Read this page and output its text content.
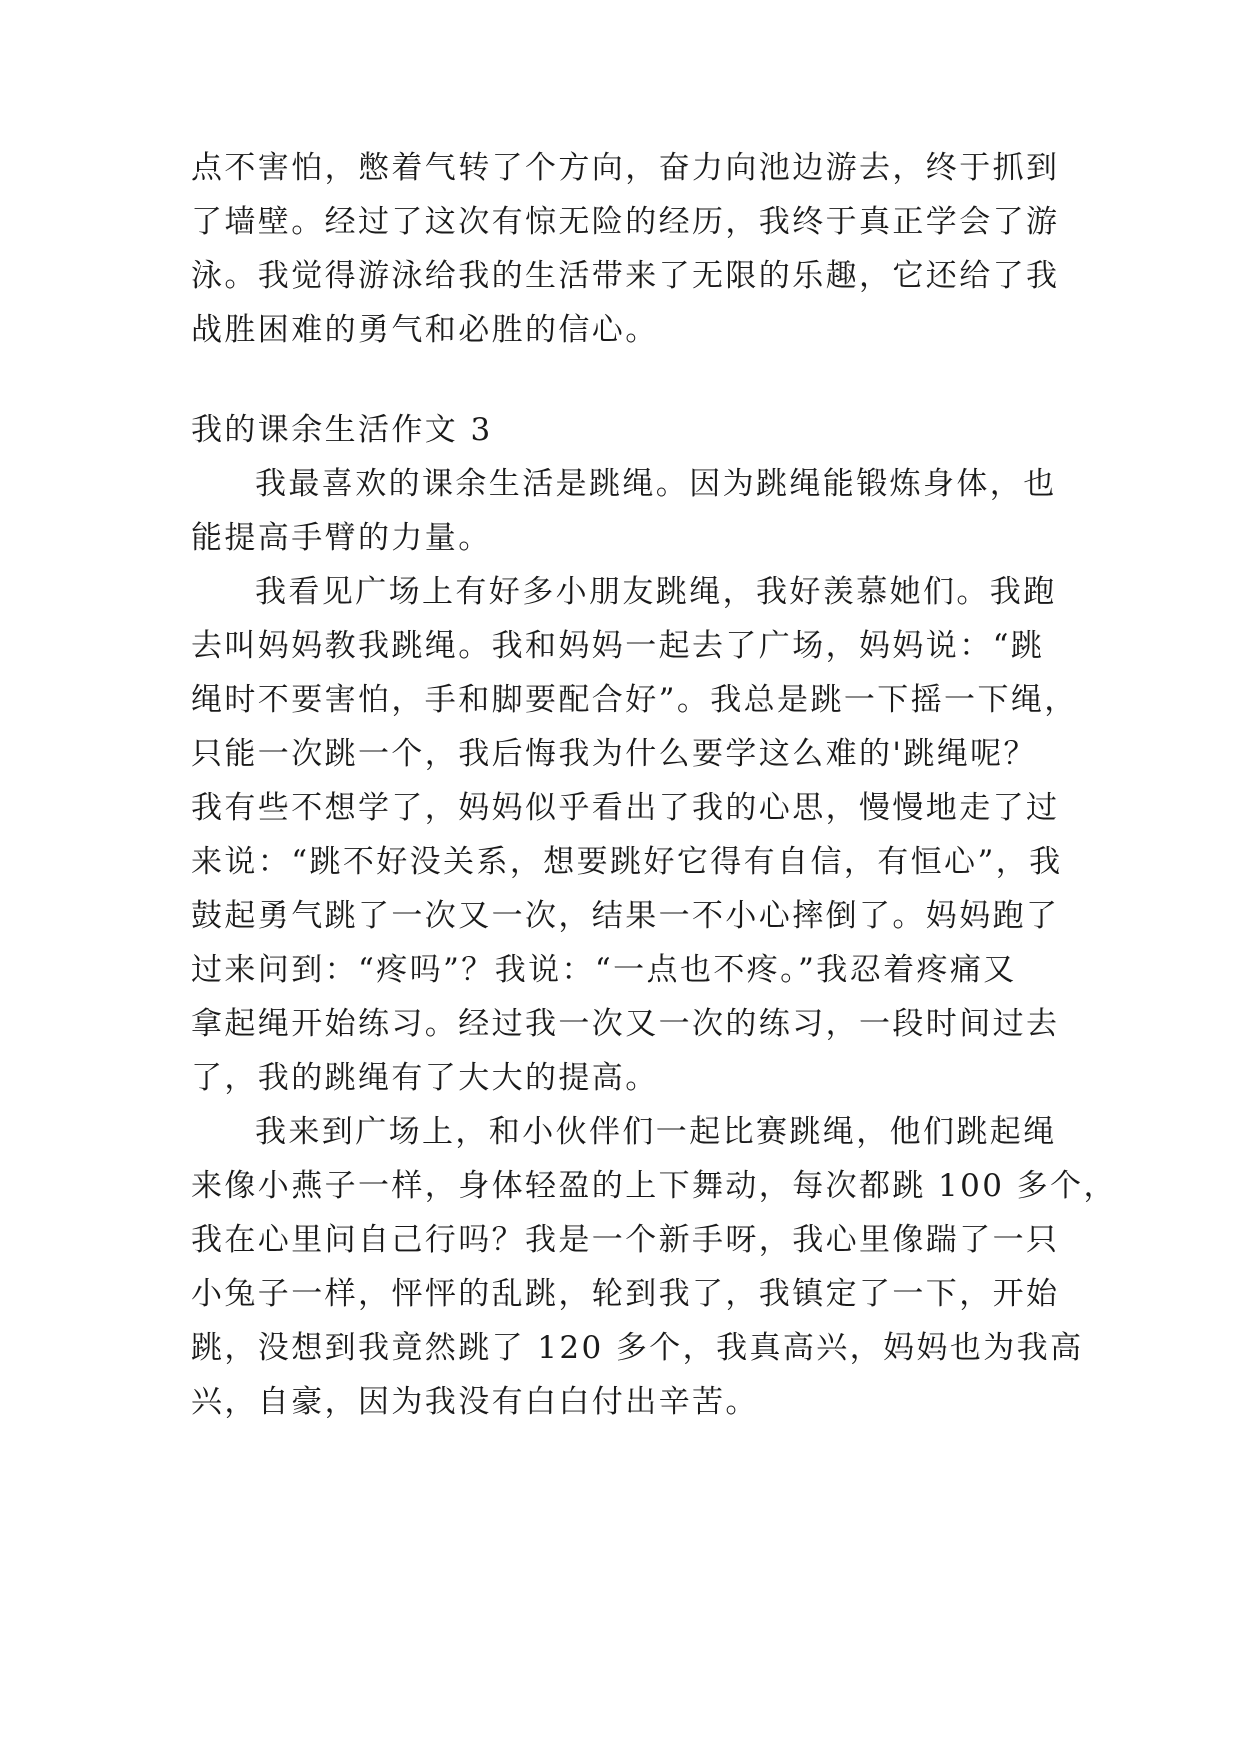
点不害怕，憋着气转了个方向，奋力向池边游去，终于抓到
了墙壁。经过了这次有惊无险的经历，我终于真正学会了游
泳。我觉得游泳给我的生活带来了无限的乐趣，它还给了我
战胜困难的勇气和必胜的信心。
我的课余生活作文 3
我最喜欢的课余生活是跳绳。因为跳绳能锻炼身体，也
能提高手臂的力量。
我看见广场上有好多小朋友跳绳，我好羡慕她们。我跑
去叫妈妈教我跳绳。我和妈妈一起去了广场，妈妈说：“跳
绳时不要害怕，手和脚要配合好”。我总是跳一下摇一下绳，
只能一次跳一个，我后悔我为什么要学这么难的'跳绳呢？
我有些不想学了，妈妈似乎看出了我的心思，慢慢地走了过
来说：“跳不好没关系，想要跳好它得有自信，有恒心”，我
鼓起勇气跳了一次又一次，结果一不小心摔倒了。妈妈跑了
过来问到：“疼吗”？我说：“一点也不疼。”我忍着疼痛又
拿起绳开始练习。经过我一次又一次的练习，一段时间过去
了，我的跳绳有了大大的提高。
我来到广场上，和小伙伴们一起比赛跳绳，他们跳起绳
来像小燕子一样，身体轻盈的上下舞动，每次都跳 100 多个，
我在心里问自己行吗？我是一个新手呀，我心里像踹了一只
小兔子一样，怦怦的乱跳，轮到我了，我镇定了一下，开始
跳，没想到我竟然跳了 120 多个，我真高兴，妈妈也为我高
兴，自豪，因为我没有白白付出辛苦。
